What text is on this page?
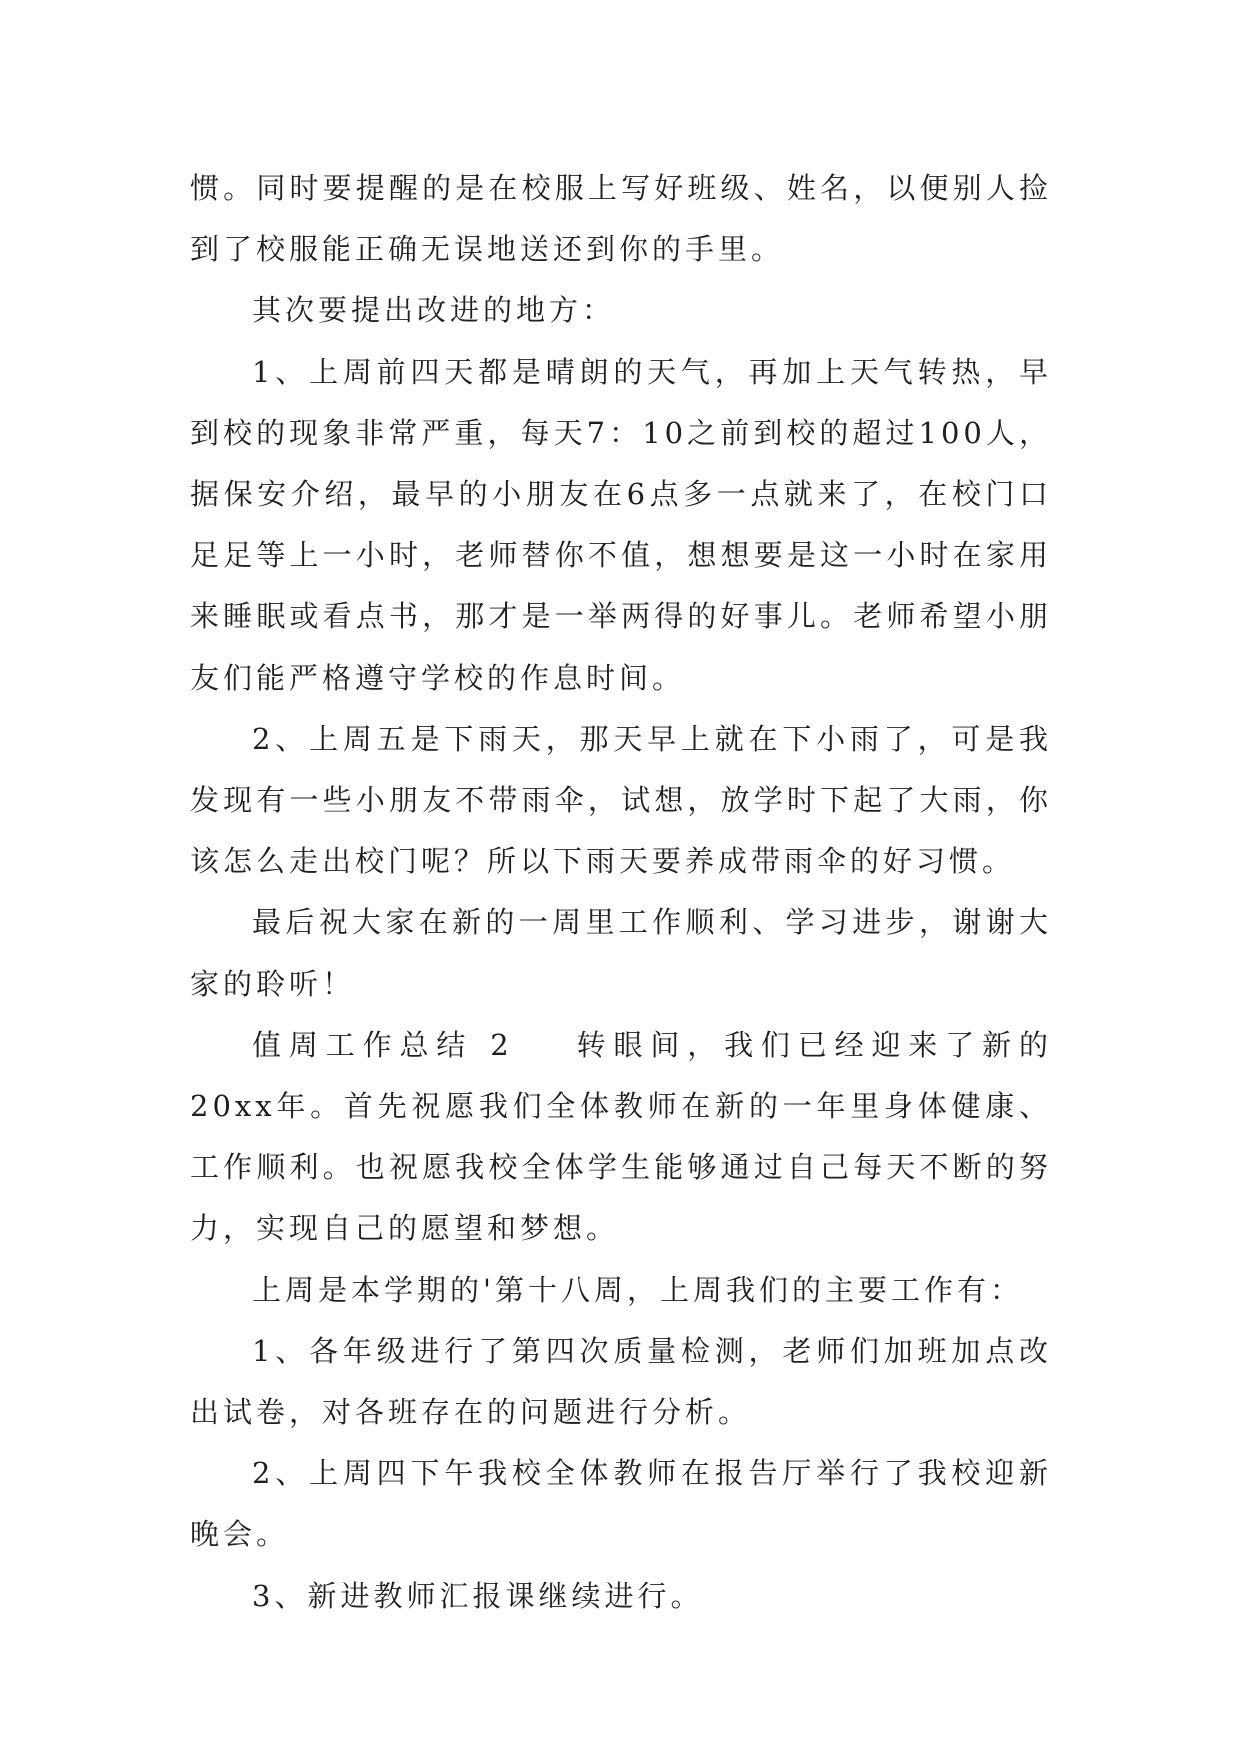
惯。同时要提醒的是在校服上写好班级、姓名，以便别人捡到了校服能正确无误地送还到你的手里。

其次要提出改进的地方：

1、上周前四天都是晴朗的天气，再加上天气转热，早到校的现象非常严重，每天7：10之前到校的超过100人，据保安介绍，最早的小朋友在6点多一点就来了，在校门口足足等上一小时，老师替你不值，想想要是这一小时在家用来睡眠或看点书，那才是一举两得的好事儿。老师希望小朋友们能严格遵守学校的作息时间。

2、上周五是下雨天，那天早上就在下小雨了，可是我发现有一些小朋友不带雨伞，试想，放学时下起了大雨，你该怎么走出校门呢？所以下雨天要养成带雨伞的好习惯。

最后祝大家在新的一周里工作顺利、学习进步，谢谢大家的聆听！

值周工作总结 2 转眼间，我们已经迎来了新的20xx年。首先祝愿我们全体教师在新的一年里身体健康、工作顺利。也祝愿我校全体学生能够通过自己每天不断的努力，实现自己的愿望和梦想。

上周是本学期的'第十八周，上周我们的主要工作有：

1、各年级进行了第四次质量检测，老师们加班加点改出试卷，对各班存在的问题进行分析。

2、上周四下午我校全体教师在报告厅举行了我校迎新晚会。

3、新进教师汇报课继续进行。
